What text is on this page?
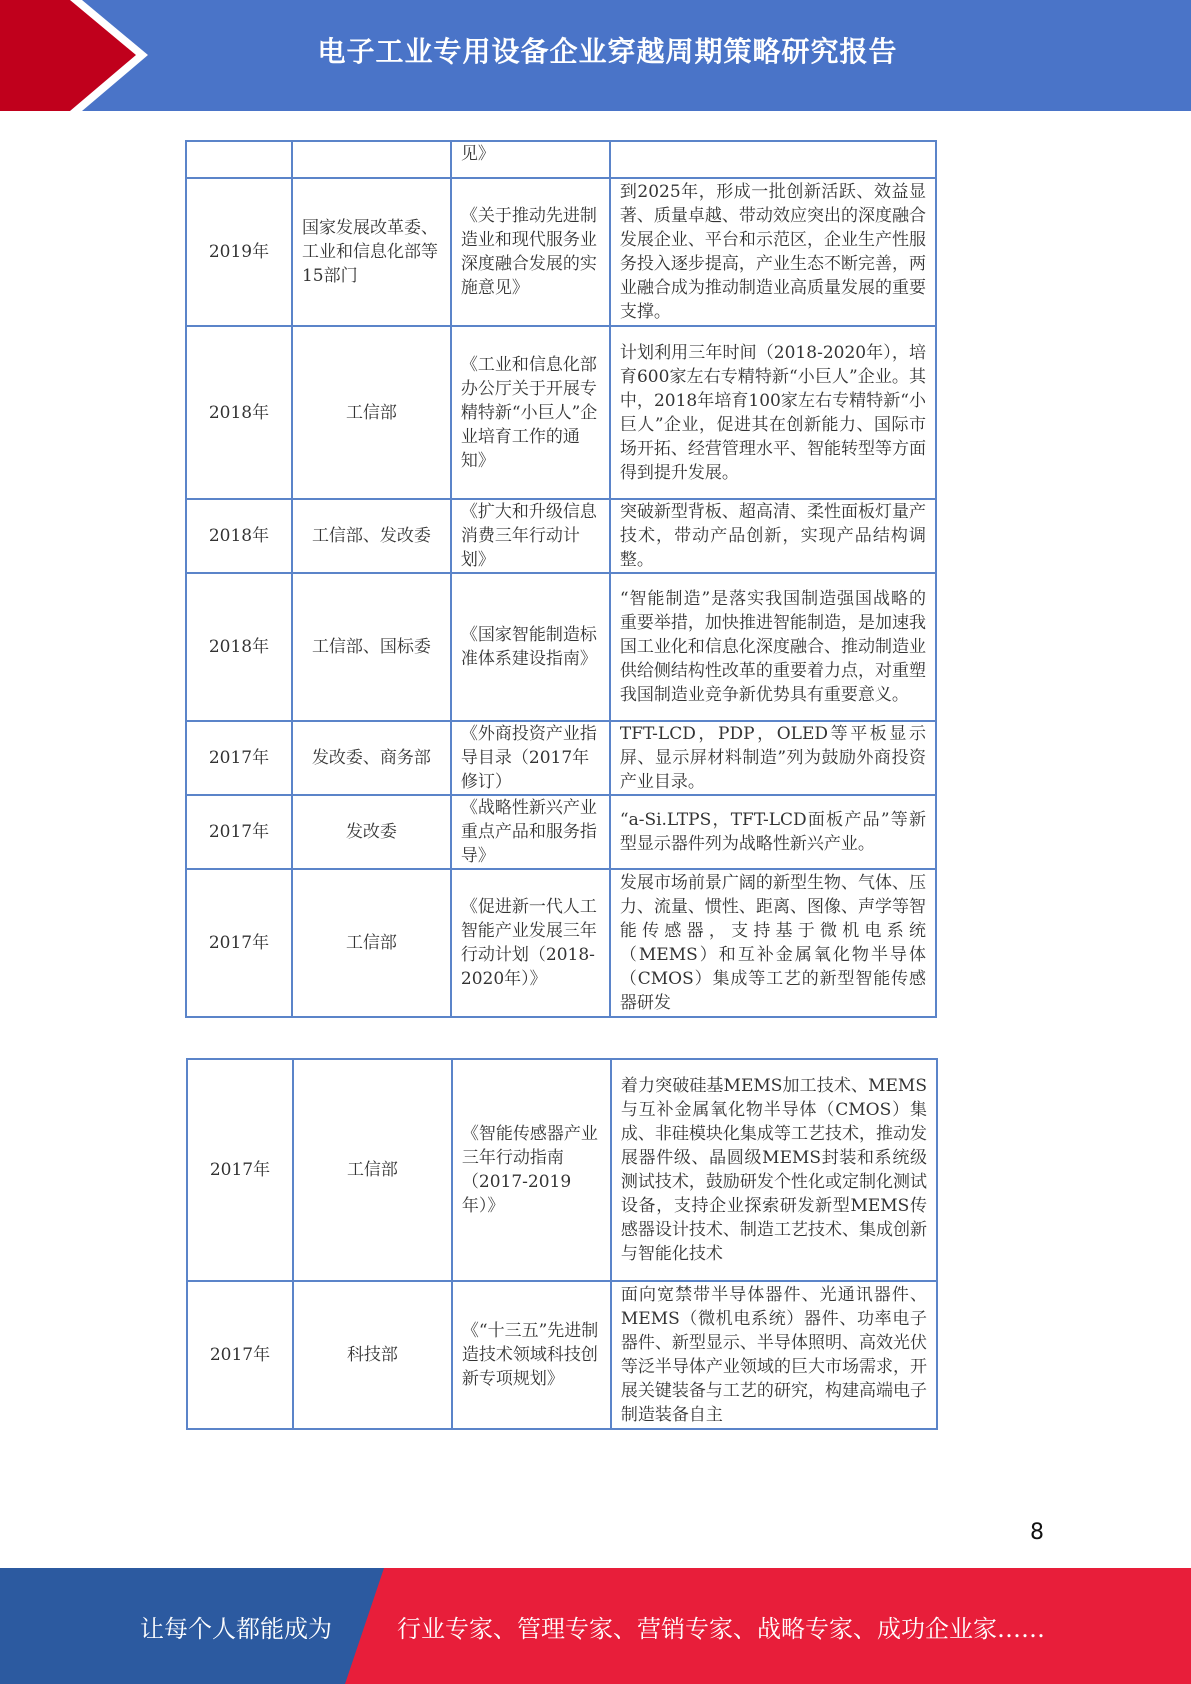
电子工业专用设备企业穿越周期策略研究报告
		见》	
2019年	国家发展改革委、工业和信息化部等15部门	《关于推动先进制造业和现代服务业深度融合发展的实施意见》	到2025年，形成一批创新活跃、效益显著、质量卓越、带动效应突出的深度融合发展企业、平台和示范区，企业生产性服务投入逐步提高，产业生态不断完善，两业融合成为推动制造业高质量发展的重要支撑。
2018年	工信部	《工业和信息化部办公厅关于开展专精特新“小巨人”企业培育工作的通知》	计划利用三年时间（2018-2020年），培育600家左右专精特新“小巨人”企业。其中，2018年培育100家左右专精特新“小巨人”企业，促进其在创新能力、国际市场开拓、经营管理水平、智能转型等方面得到提升发展。
2018年	工信部、发改委	《扩大和升级信息消费三年行动计划》	突破新型背板、超高清、柔性面板灯量产技术，带动产品创新，实现产品结构调整。
2018年	工信部、国标委	《国家智能制造标准体系建设指南》	“智能制造”是落实我国制造强国战略的重要举措，加快推进智能制造，是加速我国工业化和信息化深度融合、推动制造业供给侧结构性改革的重要着力点，对重塑我国制造业竞争新优势具有重要意义。
2017年	发改委、商务部	《外商投资产业指导目录（2017年修订）	TFT-LCD，PDP，OLED等平板显示屏、显示屏材料制造”列为鼓励外商投资产业目录。
2017年	发改委	《战略性新兴产业重点产品和服务指导》	“a-Si.LTPS，TFT-LCD面板产品”等新型显示器件列为战略性新兴产业。
2017年	工信部	《促进新一代人工智能产业发展三年行动计划（2018-2020年）》	发展市场前景广阔的新型生物、气体、压力、流量、惯性、距离、图像、声学等智能传感器，支持基于微机电系统（MEMS）和互补金属氧化物半导体（CMOS）集成等工艺的新型智能传感器研发
2017年	工信部	《智能传感器产业三年行动指南（2017-2019年）》	着力突破硅基MEMS加工技术、MEMS与互补金属氧化物半导体（CMOS）集成、非硅模块化集成等工艺技术，推动发展器件级、晶圆级MEMS封装和系统级测试技术，鼓励研发个性化或定制化测试设备，支持企业探索研发新型MEMS传感器设计技术、制造工艺技术、集成创新与智能化技术
2017年	科技部	《“十三五”先进制造技术领域科技创新专项规划》	面向宽禁带半导体器件、光通讯器件、MEMS（微机电系统）器件、功率电子器件、新型显示、半导体照明、高效光伏等泛半导体产业领域的巨大市场需求，开展关键装备与工艺的研究，构建高端电子制造装备自主
8
让每个人都能成为	行业专家、管理专家、营销专家、战略专家、成功企业家……
